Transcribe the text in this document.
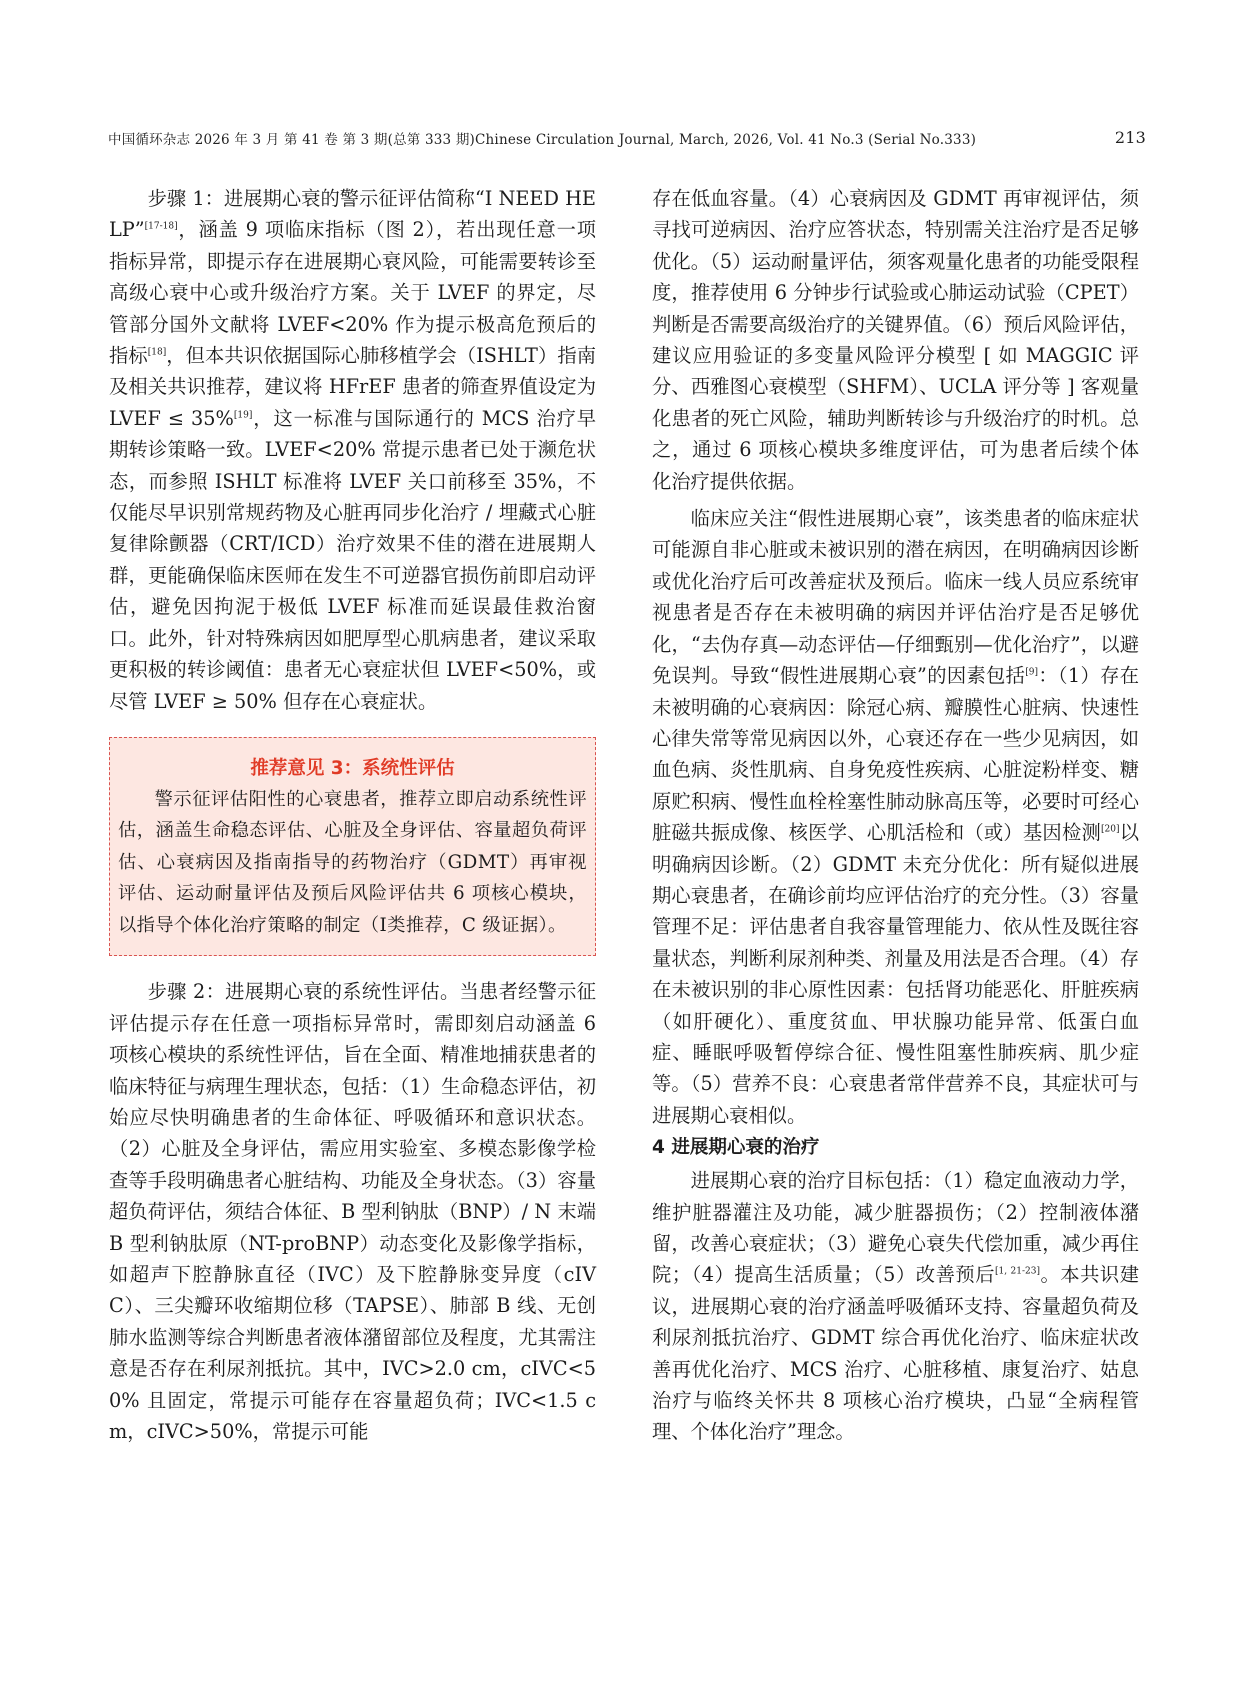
中国循环杂志 2026 年 3 月 第 41 卷 第 3 期(总第 333 期)Chinese Circulation Journal, March, 2026, Vol. 41 No.3 (Serial No.333)	213

步骤 1：进展期心衰的警示征评估简称“I NEED HELP”[17-18]，涵盖 9 项临床指标（图 2），若出现任意一项指标异常，即提示存在进展期心衰风险，可能需要转诊至高级心衰中心或升级治疗方案。关于 LVEF 的界定，尽管部分国外文献将 LVEF<20% 作为提示极高危预后的指标[18]，但本共识依据国际心肺移植学会（ISHLT）指南及相关共识推荐，建议将 HFrEF 患者的筛查界值设定为 LVEF ≤ 35%[19]，这一标准与国际通行的 MCS 治疗早期转诊策略一致。LVEF<20% 常提示患者已处于濒危状态，而参照 ISHLT 标准将 LVEF 关口前移至 35%，不仅能尽早识别常规药物及心脏再同步化治疗 / 埋藏式心脏复律除颤器（CRT/ICD）治疗效果不佳的潜在进展期人群，更能确保临床医师在发生不可逆器官损伤前即启动评估，避免因拘泥于极低 LVEF 标准而延误最佳救治窗口。此外，针对特殊病因如肥厚型心肌病患者，建议采取更积极的转诊阈值：患者无心衰症状但 LVEF<50%，或尽管 LVEF ≥ 50% 但存在心衰症状。

推荐意见 3：系统性评估
警示征评估阳性的心衰患者，推荐立即启动系统性评估，涵盖生命稳态评估、心脏及全身评估、容量超负荷评估、心衰病因及指南指导的药物治疗（GDMT）再审视评估、运动耐量评估及预后风险评估共 6 项核心模块，以指导个体化治疗策略的制定（Ⅰ类推荐，C 级证据）。

步骤 2：进展期心衰的系统性评估。当患者经警示征评估提示存在任意一项指标异常时，需即刻启动涵盖 6 项核心模块的系统性评估，旨在全面、精准地捕获患者的临床特征与病理生理状态，包括：（1）生命稳态评估，初始应尽快明确患者的生命体征、呼吸循环和意识状态。（2）心脏及全身评估，需应用实验室、多模态影像学检查等手段明确患者心脏结构、功能及全身状态。（3）容量超负荷评估，须结合体征、B 型利钠肽（BNP）/ N 末端 B 型利钠肽原（NT-proBNP）动态变化及影像学指标，如超声下腔静脉直径（IVC）及下腔静脉变异度（cIVC）、三尖瓣环收缩期位移（TAPSE）、肺部 B 线、无创肺水监测等综合判断患者液体潴留部位及程度，尤其需注意是否存在利尿剂抵抗。其中，IVC>2.0 cm，cIVC<50% 且固定，常提示可能存在容量超负荷；IVC<1.5 cm，cIVC>50%，常提示可能

存在低血容量。（4）心衰病因及 GDMT 再审视评估，须寻找可逆病因、治疗应答状态，特别需关注治疗是否足够优化。（5）运动耐量评估，须客观量化患者的功能受限程度，推荐使用 6 分钟步行试验或心肺运动试验（CPET）判断是否需要高级治疗的关键界值。（6）预后风险评估，建议应用验证的多变量风险评分模型 [ 如 MAGGIC 评分、西雅图心衰模型（SHFM）、UCLA 评分等 ] 客观量化患者的死亡风险，辅助判断转诊与升级治疗的时机。总之，通过 6 项核心模块多维度评估，可为患者后续个体化治疗提供依据。

临床应关注“假性进展期心衰”，该类患者的临床症状可能源自非心脏或未被识别的潜在病因，在明确病因诊断或优化治疗后可改善症状及预后。临床一线人员应系统审视患者是否存在未被明确的病因并评估治疗是否足够优化，“去伪存真—动态评估—仔细甄别—优化治疗”，以避免误判。导致“假性进展期心衰”的因素包括[9]：（1）存在未被明确的心衰病因：除冠心病、瓣膜性心脏病、快速性心律失常等常见病因以外，心衰还存在一些少见病因，如血色病、炎性肌病、自身免疫性疾病、心脏淀粉样变、糖原贮积病、慢性血栓栓塞性肺动脉高压等，必要时可经心脏磁共振成像、核医学、心肌活检和（或）基因检测[20]以明确病因诊断。（2）GDMT 未充分优化：所有疑似进展期心衰患者，在确诊前均应评估治疗的充分性。（3）容量管理不足：评估患者自我容量管理能力、依从性及既往容量状态，判断利尿剂种类、剂量及用法是否合理。（4）存在未被识别的非心原性因素：包括肾功能恶化、肝脏疾病（如肝硬化）、重度贫血、甲状腺功能异常、低蛋白血症、睡眠呼吸暂停综合征、慢性阻塞性肺疾病、肌少症等。（5）营养不良：心衰患者常伴营养不良，其症状可与进展期心衰相似。

4 进展期心衰的治疗

进展期心衰的治疗目标包括：（1）稳定血液动力学，维护脏器灌注及功能，减少脏器损伤；（2）控制液体潴留，改善心衰症状；（3）避免心衰失代偿加重，减少再住院；（4）提高生活质量；（5）改善预后[1, 21-23]。本共识建议，进展期心衰的治疗涵盖呼吸循环支持、容量超负荷及利尿剂抵抗治疗、GDMT 综合再优化治疗、临床症状改善再优化治疗、MCS 治疗、心脏移植、康复治疗、姑息治疗与临终关怀共 8 项核心治疗模块，凸显“全病程管理、个体化治疗”理念。
